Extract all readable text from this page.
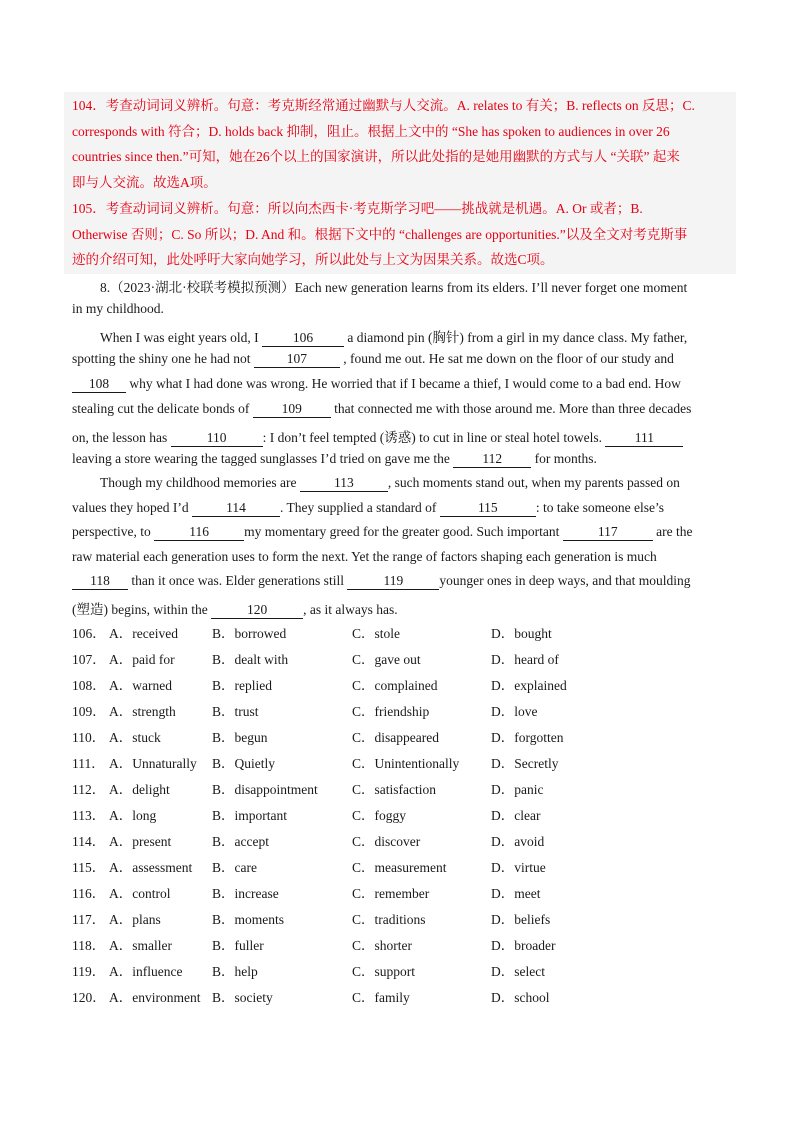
104．考查动词词义辨析。句意：考克斯经常通过幽默与人交流。A. relates to 有关；B. reflects on 反思；C.

corresponds with 符合；D. holds back 抑制，阻止。根据上文中的 “She has spoken to audiences in over 26

countries since then.”可知，她在26个以上的国家演讲，所以此处指的是她用幽默的方式与人 “关联” 起来

即与人交流。故选A项。

105．考查动词词义辨析。句意：所以向杰西卡·考克斯学习吧——挑战就是机遇。A. Or 或者；B.

Otherwise 否则；C. So 所以；D. And 和。根据下文中的 “challenges are opportunities.”以及全文对考克斯事

迹的介绍可知，此处呼吁大家向她学习，所以此处与上文为因果关系。故选C项。

8.（2023·湖北·校联考模拟预测）Each new generation learns from its elders. I’ll never forget one moment
in my childhood.
When I was eight years old, I 106 a diamond pin (胸针) from a girl in my dance class. My father,
spotting the shiny one he had not 107 , found me out. He sat me down on the floor of our study and
108 why what I had done was wrong. He worried that if I became a thief, I would come to a bad end. How
stealing cut the delicate bonds of 109 that connected me with those around me. More than three decades
on, the lesson has	110	: I don’t feel tempted (诱惑) to cut in line or steal hotel towels. 111
leaving a store wearing the tagged sunglasses I’d tried on gave me the 112 for months.
Though my childhood memories are	113	, such moments stand out, when my parents passed on
values they hoped I’d	114	. They supplied a standard of	115	: to take someone else’s
perspective, to	116	my momentary greed for the greater good. Such important	117	are the
raw material each generation uses to form the next. Yet the range of factors shaping each generation is much
118 than it once was. Elder generations still	119	younger ones in deep ways, and that moulding
(塑造) begins, within the	120	, as it always has.
106． A．received	B．borrowed	C．stole	D．bought
107． A．paid for	B．dealt with	C．gave out	D．heard of
108． A．warned	B．replied	C．complained	D．explained
109． A．strength	B．trust	C．friendship	D．love
110． A．stuck	B．begun	C．disappeared	D．forgotten
111． A．Unnaturally B．Quietly	C．Unintentionally D．Secretly
112． A．delight	B．disappointment	C．satisfaction	D．panic
113． A．long	B．important	C．foggy	D．clear
114． A．present	B．accept	C．discover	D．avoid
115． A．assessment B．care	C．measurement	D．virtue
116． A．control	B．increase	C．remember	D．meet
117． A．plans	B．moments	C．traditions	D．beliefs
118． A．smaller	B．fuller	C．shorter	D．broader
119． A．influence B．help	C．support	D．select
120． A．environment B．society	C．family	D．school
